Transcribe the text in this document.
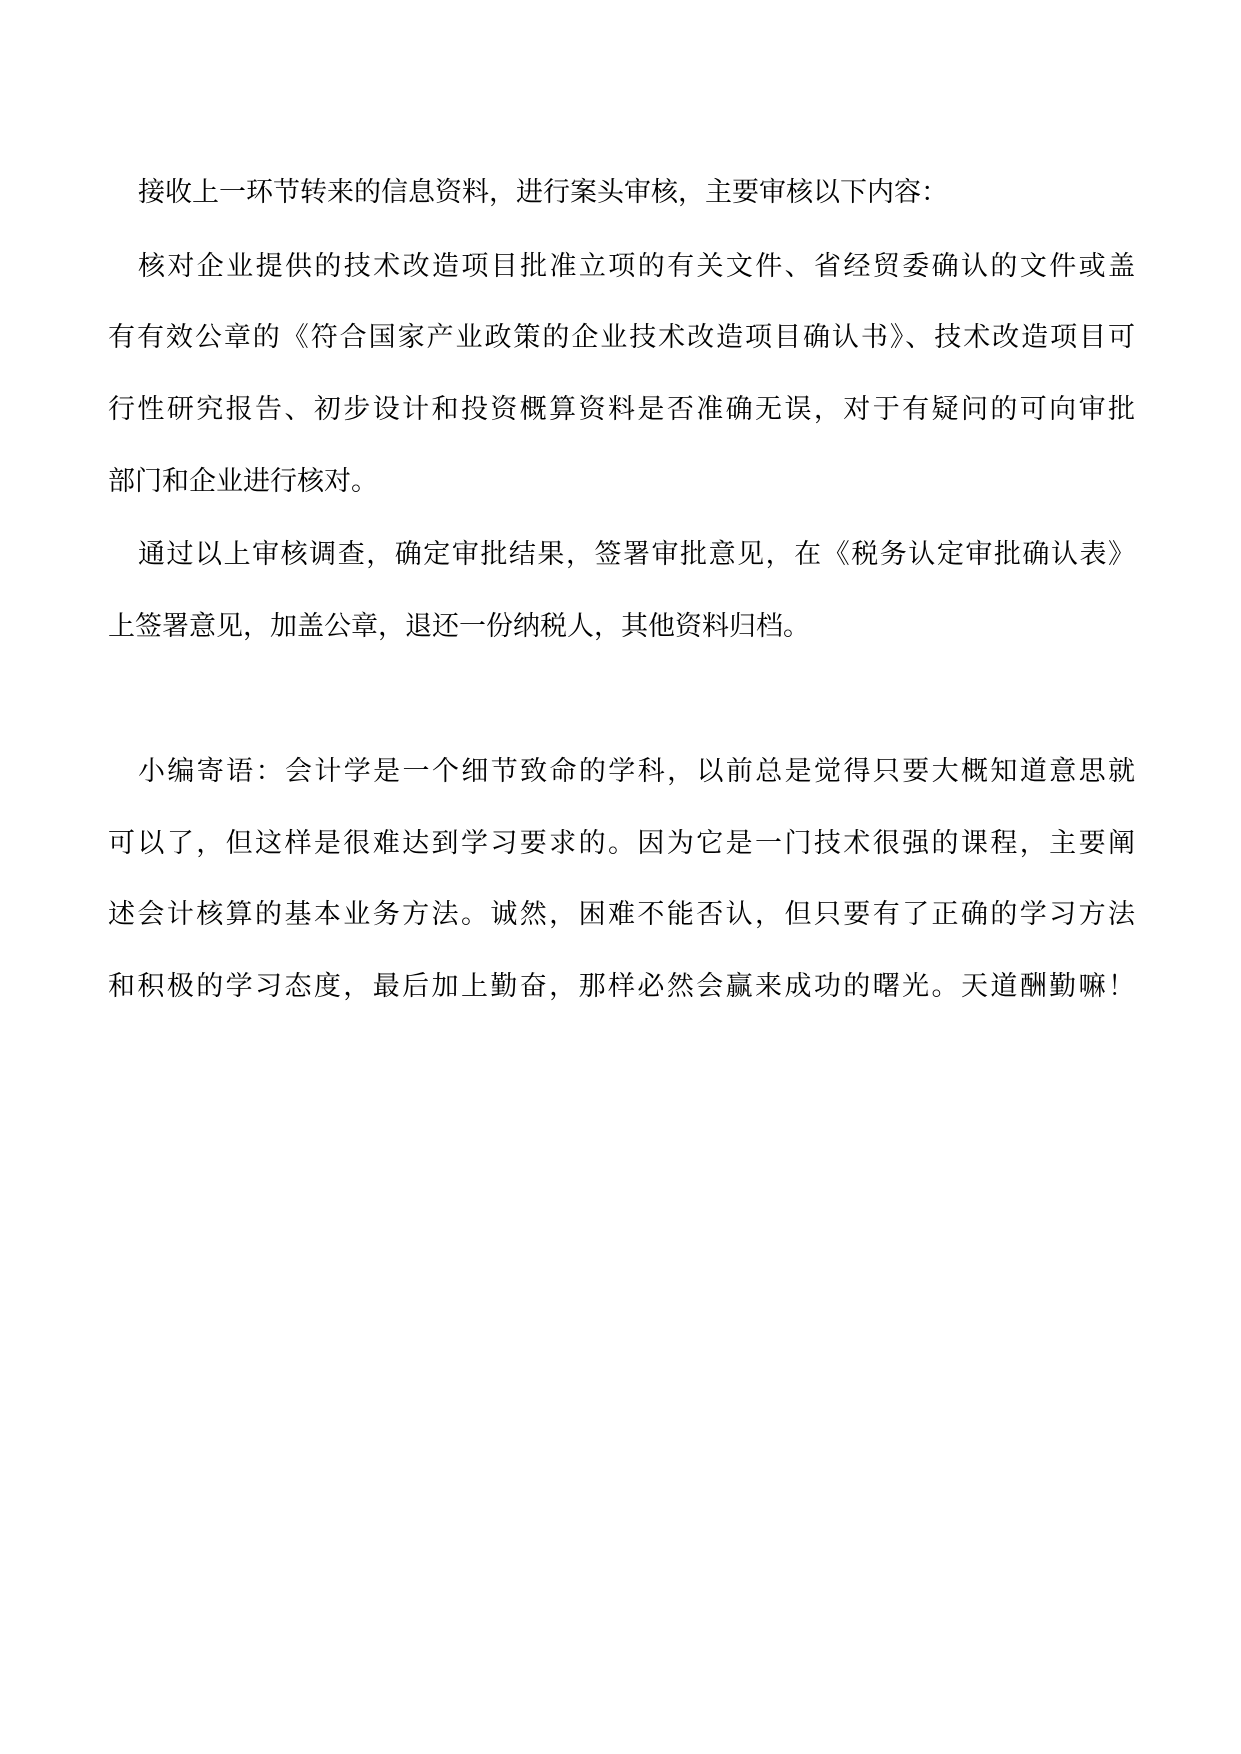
接收上一环节转来的信息资料，进行案头审核，主要审核以下内容：

核对企业提供的技术改造项目批准立项的有关文件、省经贸委确认的文件或盖

有有效公章的《符合国家产业政策的企业技术改造项目确认书》、技术改造项目可

行性研究报告、初步设计和投资概算资料是否准确无误，对于有疑问的可向审批

部门和企业进行核对。

通过以上审核调查，确定审批结果，签署审批意见，在《税务认定审批确认表》

上签署意见，加盖公章，退还一份纳税人，其他资料归档。

小编寄语：会计学是一个细节致命的学科，以前总是觉得只要大概知道意思就

可以了，但这样是很难达到学习要求的。因为它是一门技术很强的课程，主要阐

述会计核算的基本业务方法。诚然，困难不能否认，但只要有了正确的学习方法

和积极的学习态度，最后加上勤奋，那样必然会赢来成功的曙光。天道酬勤嘛！
